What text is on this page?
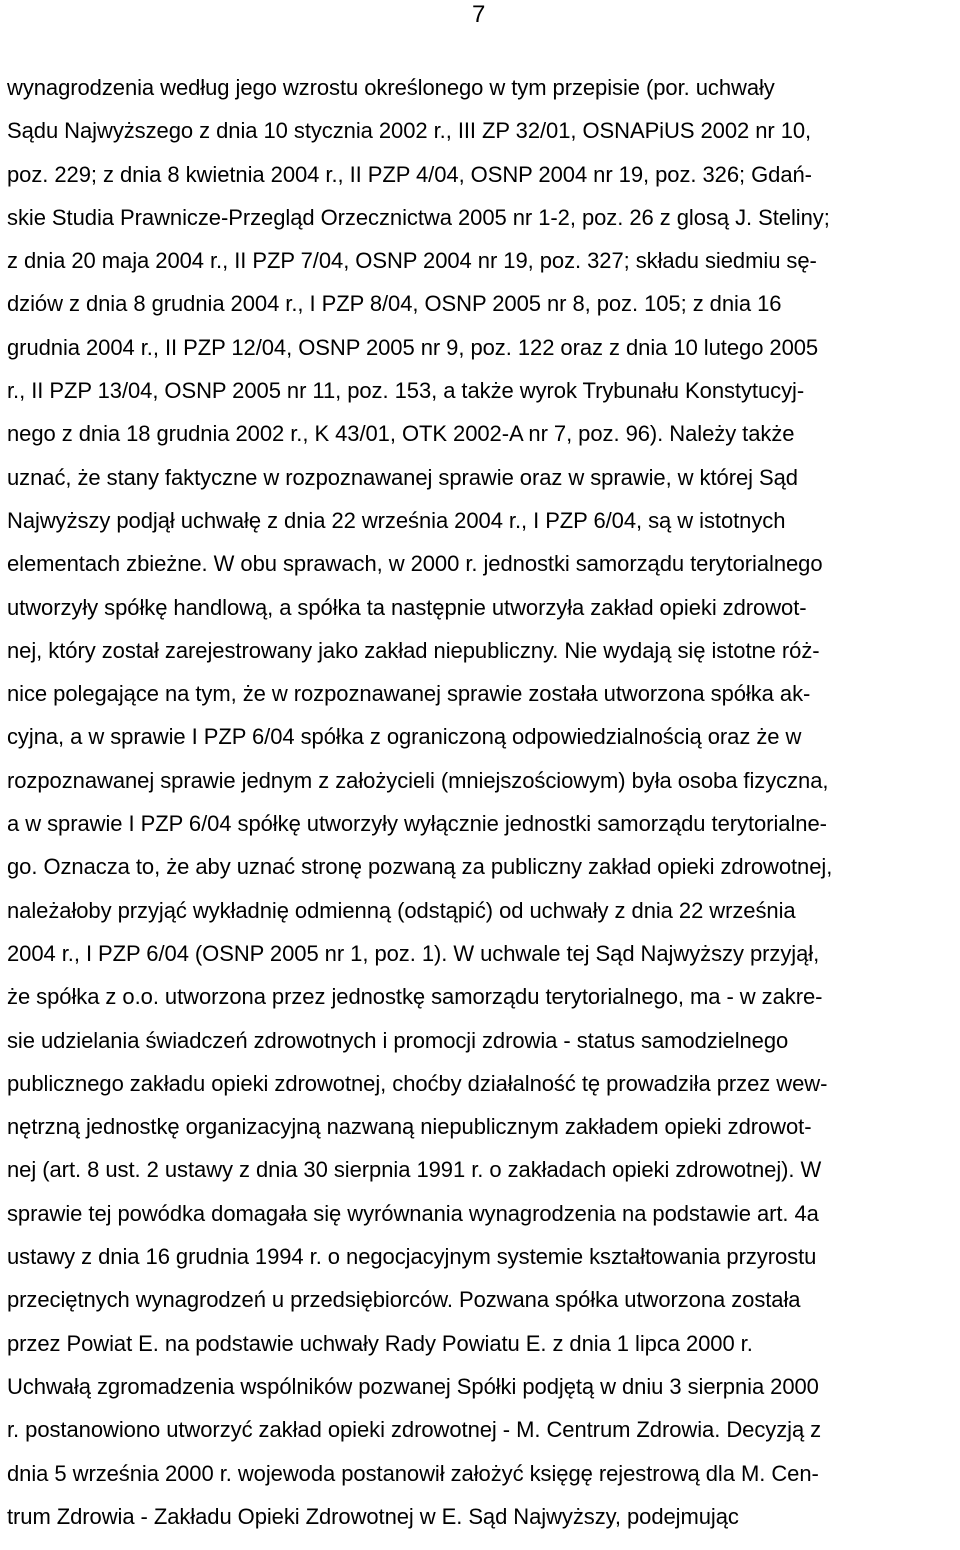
7
wynagrodzenia według jego wzrostu określonego w tym przepisie (por. uchwały
Sądu Najwyższego z dnia 10 stycznia 2002 r., III ZP 32/01, OSNAPiUS 2002 nr 10,
poz. 229; z dnia 8 kwietnia 2004 r., II PZP 4/04, OSNP 2004 nr 19, poz. 326; Gdań-
skie Studia Prawnicze-Przegląd Orzecznictwa 2005 nr 1-2, poz. 26 z glosą J. Steliny;
z dnia 20 maja 2004 r., II PZP 7/04, OSNP 2004 nr 19, poz. 327; składu siedmiu sę-
dziów z dnia 8 grudnia 2004 r., I PZP 8/04, OSNP 2005 nr 8, poz. 105; z dnia 16
grudnia 2004 r., II PZP 12/04, OSNP 2005 nr 9, poz. 122 oraz z dnia 10 lutego 2005
r., II PZP 13/04, OSNP 2005 nr 11, poz. 153, a także wyrok Trybunału Konstytucyj-
nego z dnia 18 grudnia 2002 r., K 43/01, OTK 2002-A nr 7, poz. 96). Należy także
uznać, że stany faktyczne w rozpoznawanej sprawie oraz w sprawie, w której Sąd
Najwyższy podjął uchwałę z dnia 22 września 2004 r., I PZP 6/04, są w istotnych
elementach zbieżne. W obu sprawach, w 2000 r. jednostki samorządu terytorialnego
utworzyły spółkę handlową, a spółka ta następnie utworzyła zakład opieki zdrowot-
nej, który został zarejestrowany jako zakład niepubliczny. Nie wydają się istotne róż-
nice polegające na tym, że w rozpoznawanej sprawie została utworzona spółka ak-
cyjna, a w sprawie I PZP 6/04 spółka z ograniczoną odpowiedzialnością oraz że w
rozpoznawanej sprawie jednym z założycieli (mniejszościowym) była osoba fizyczna,
a w sprawie I PZP 6/04 spółkę utworzyły wyłącznie jednostki samorządu terytorialne-
go. Oznacza to, że aby uznać stronę pozwaną za publiczny zakład opieki zdrowotnej,
należałoby przyjąć wykładnię odmienną (odstąpić) od uchwały z dnia 22 września
2004 r., I PZP 6/04 (OSNP 2005 nr 1, poz. 1). W uchwale tej Sąd Najwyższy przyjął,
że spółka z o.o. utworzona przez jednostkę samorządu terytorialnego, ma - w zakre-
sie udzielania świadczeń zdrowotnych i promocji zdrowia - status samodzielnego
publicznego zakładu opieki zdrowotnej, choćby działalność tę prowadziła przez wew-
nętrzną jednostkę organizacyjną nazwaną niepublicznym zakładem opieki zdrowot-
nej (art. 8 ust. 2 ustawy z dnia 30 sierpnia 1991 r. o zakładach opieki zdrowotnej). W
sprawie tej powódka domagała się wyrównania wynagrodzenia na podstawie art. 4a
ustawy z dnia 16 grudnia 1994 r. o negocjacyjnym systemie kształtowania przyrostu
przeciętnych wynagrodzeń u przedsiębiorców. Pozwana spółka utworzona została
przez Powiat E. na podstawie uchwały Rady Powiatu E. z dnia 1 lipca 2000 r.
Uchwałą zgromadzenia wspólników pozwanej Spółki podjętą w dniu 3 sierpnia 2000
r. postanowiono utworzyć zakład opieki zdrowotnej - M. Centrum Zdrowia. Decyzją z
dnia 5 września 2000 r. wojewoda postanowił założyć księgę rejestrową dla M. Cen-
trum Zdrowia - Zakładu Opieki Zdrowotnej w E. Sąd Najwyższy, podejmując
